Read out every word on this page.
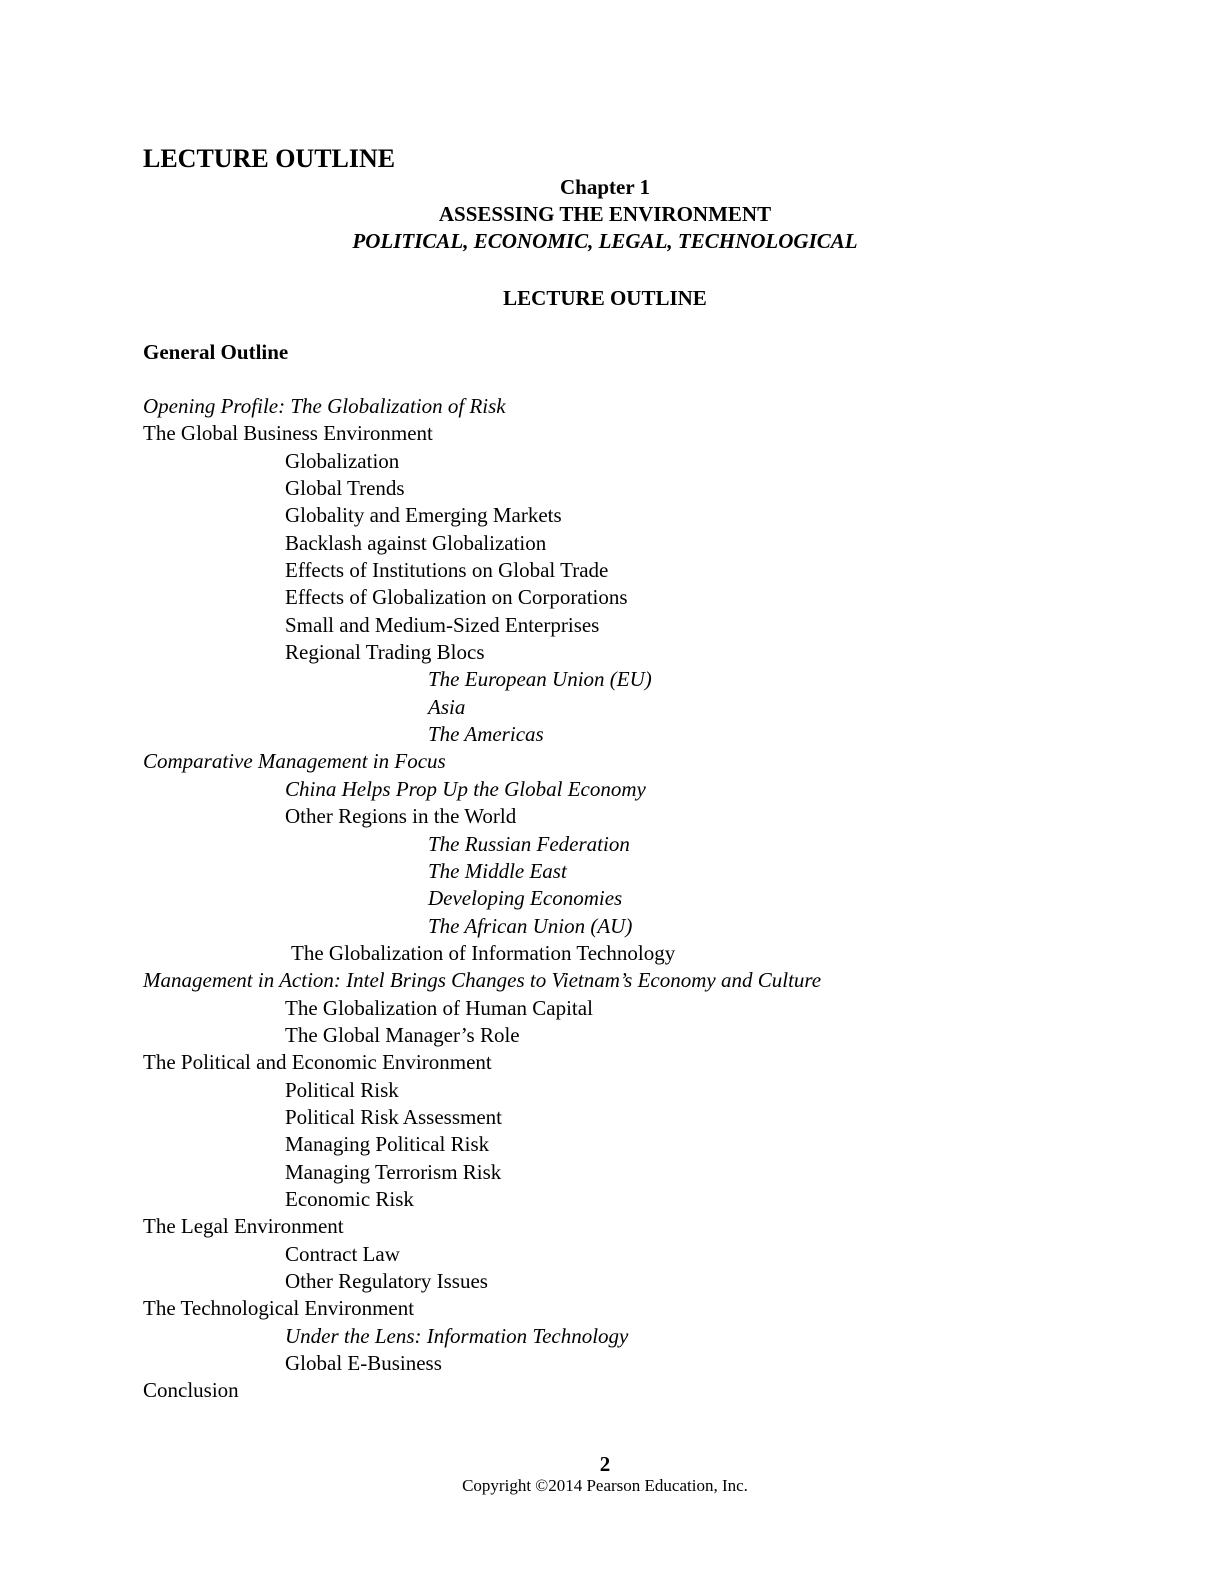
LECTURE OUTLINE
Chapter 1
ASSESSING THE ENVIRONMENT
POLITICAL, ECONOMIC, LEGAL, TECHNOLOGICAL
LECTURE OUTLINE
General Outline
Opening Profile: The Globalization of Risk
The Global Business Environment
Globalization
Global Trends
Globality and Emerging Markets
Backlash against Globalization
Effects of Institutions on Global Trade
Effects of Globalization on Corporations
Small and Medium-Sized Enterprises
Regional Trading Blocs
The European Union (EU)
Asia
The Americas
Comparative Management in Focus
China Helps Prop Up the Global Economy
Other Regions in the World
The Russian Federation
The Middle East
Developing Economies
The African Union (AU)
The Globalization of Information Technology
Management in Action: Intel Brings Changes to Vietnam’s Economy and Culture
The Globalization of Human Capital
The Global Manager’s Role
The Political and Economic Environment
Political Risk
Political Risk Assessment
Managing Political Risk
Managing Terrorism Risk
Economic Risk
The Legal Environment
Contract Law
Other Regulatory Issues
The Technological Environment
Under the Lens: Information Technology
Global E-Business
Conclusion
2
Copyright ©2014 Pearson Education, Inc.
